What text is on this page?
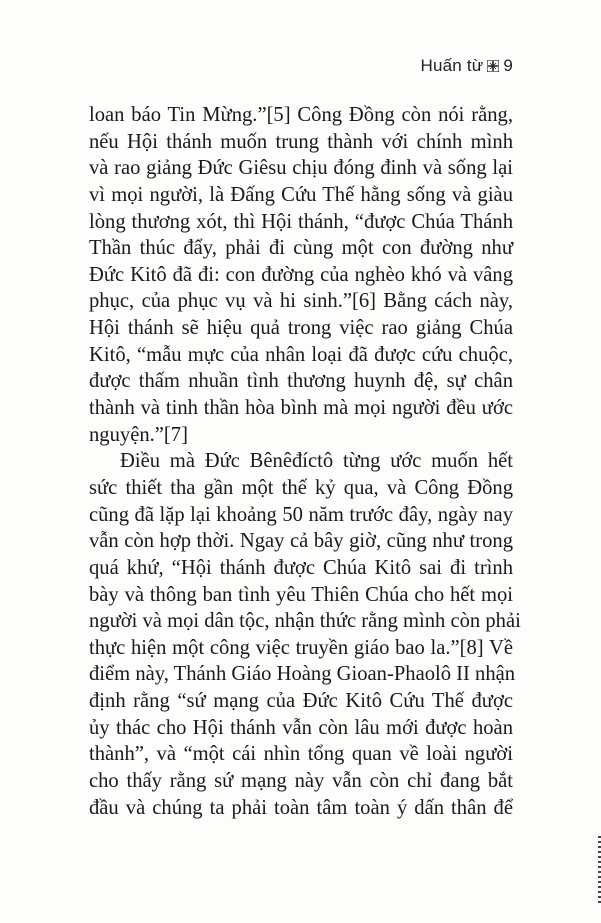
Huấn từ 9
loan báo Tin Mừng.”[5] Công Đồng còn nói rằng,
nếu Hội thánh muốn trung thành với chính mình
và rao giảng Đức Giêsu chịu đóng đinh và sống lại
vì mọi người, là Đấng Cứu Thế hằng sống và giàu
lòng thương xót, thì Hội thánh, “được Chúa Thánh
Thần thúc đẩy, phải đi cùng một con đường như
Đức Kitô đã đi: con đường của nghèo khó và vâng
phục, của phục vụ và hi sinh.”[6] Bằng cách này,
Hội thánh sẽ hiệu quả trong việc rao giảng Chúa
Kitô, “mẫu mực của nhân loại đã được cứu chuộc,
được thấm nhuần tình thương huynh đệ, sự chân
thành và tinh thần hòa bình mà mọi người đều ước
nguyện.”[7]
Điều mà Đức Bênêđíctô từng ước muốn hết
sức thiết tha gần một thế kỷ qua, và Công Đồng
cũng đã lặp lại khoảng 50 năm trước đây, ngày nay
vẫn còn hợp thời. Ngay cả bây giờ, cũng như trong
quá khứ, “Hội thánh được Chúa Kitô sai đi trình
bày và thông ban tình yêu Thiên Chúa cho hết mọi
người và mọi dân tộc, nhận thức rằng mình còn phải
thực hiện một công việc truyền giáo bao la.”[8] Về
điểm này, Thánh Giáo Hoàng Gioan-Phaolô II nhận
định rằng “sứ mạng của Đức Kitô Cứu Thế được
ủy thác cho Hội thánh vẫn còn lâu mới được hoàn
thành”, và “một cái nhìn tổng quan về loài người
cho thấy rằng sứ mạng này vẫn còn chỉ đang bắt
đầu và chúng ta phải toàn tâm toàn ý dấn thân để
